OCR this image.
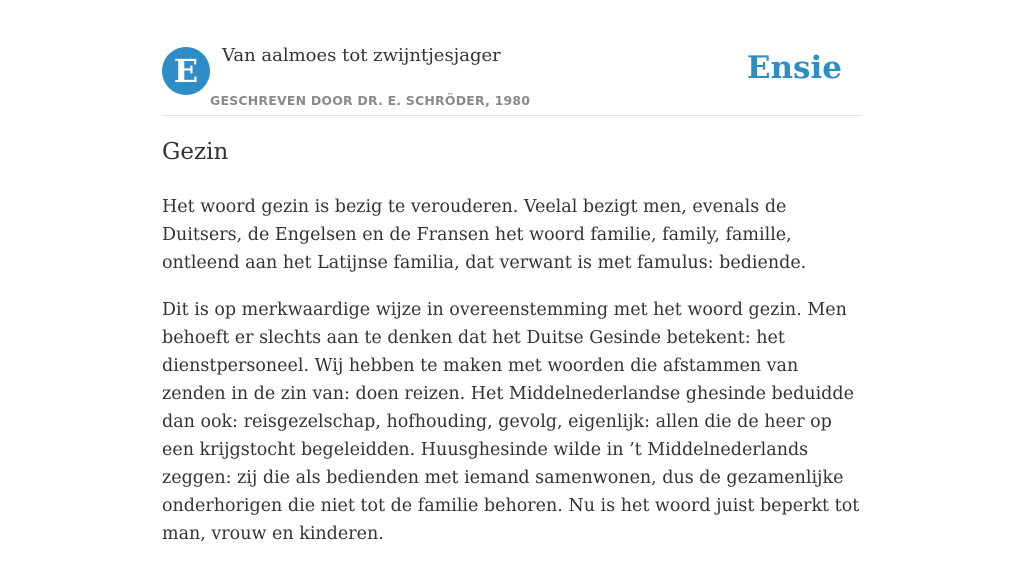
E	Van aalmoes tot zwijntjesjager
GESCHREVEN DOOR DR. E. SCHRÖDER, 1980
Ensie
Gezin

Het woord gezin is bezig te verouderen. Veelal bezigt men, evenals de Duitsers, de Engelsen en de Fransen het woord familie, family, famille, ontleend aan het Latijnse familia, dat verwant is met famulus: bediende.

Dit is op merkwaardige wijze in overeenstemming met het woord gezin. Men behoeft er slechts aan te denken dat het Duitse Gesinde betekent: het dienstpersoneel. Wij hebben te maken met woorden die afstammen van zenden in de zin van: doen reizen. Het Middelnederlandse ghesinde beduidde dan ook: reisgezelschap, hofhouding, gevolg, eigenlijk: allen die de heer op een krijgstocht begeleidden. Huusghesinde wilde in ’t Middelnederlands zeggen: zij die als bedienden met iemand samenwonen, dus de gezamenlijke onderhorigen die niet tot de familie behoren. Nu is het woord juist beperkt tot man, vrouw en kinderen.
